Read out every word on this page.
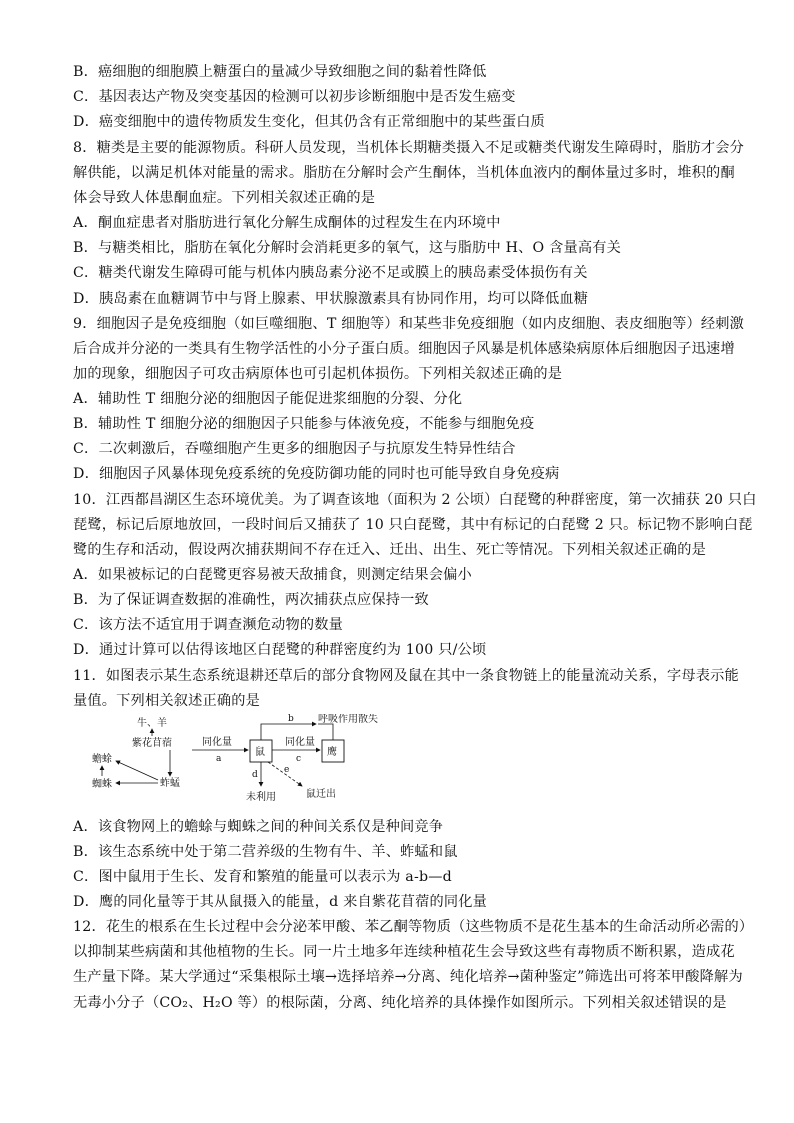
B．癌细胞的细胞膜上糖蛋白的量减少导致细胞之间的黏着性降低
C．基因表达产物及突变基因的检测可以初步诊断细胞中是否发生癌变
D．癌变细胞中的遗传物质发生变化，但其仍含有正常细胞中的某些蛋白质
8．糖类是主要的能源物质。科研人员发现，当机体长期糖类摄入不足或糖类代谢发生障碍时，脂肪才会分
解供能，以满足机体对能量的需求。脂肪在分解时会产生酮体，当机体血液内的酮体量过多时，堆积的酮
体会导致人体患酮血症。下列相关叙述正确的是
A．酮血症患者对脂肪进行氧化分解生成酮体的过程发生在内环境中
B．与糖类相比，脂肪在氧化分解时会消耗更多的氧气，这与脂肪中 H、O 含量高有关
C．糖类代谢发生障碍可能与机体内胰岛素分泌不足或膜上的胰岛素受体损伤有关
D．胰岛素在血糖调节中与肾上腺素、甲状腺激素具有协同作用，均可以降低血糖
9．细胞因子是免疫细胞（如巨噬细胞、T 细胞等）和某些非免疫细胞（如内皮细胞、表皮细胞等）经刺激
后合成并分泌的一类具有生物学活性的小分子蛋白质。细胞因子风暴是机体感染病原体后细胞因子迅速增
加的现象，细胞因子可攻击病原体也可引起机体损伤。下列相关叙述正确的是
A．辅助性 T 细胞分泌的细胞因子能促进浆细胞的分裂、分化
B．辅助性 T 细胞分泌的细胞因子只能参与体液免疫，不能参与细胞免疫
C．二次刺激后，吞噬细胞产生更多的细胞因子与抗原发生特异性结合
D．细胞因子风暴体现免疫系统的免疫防御功能的同时也可能导致自身免疫病
10．江西都昌湖区生态环境优美。为了调查该地（面积为 2 公顷）白琵鹭的种群密度，第一次捕获 20 只白
琵鹭，标记后原地放回，一段时间后又捕获了 10 只白琵鹭，其中有标记的白琵鹭 2 只。标记物不影响白琵
鹭的生存和活动，假设两次捕获期间不存在迁入、迁出、出生、死亡等情况。下列相关叙述正确的是
A．如果被标记的白琵鹭更容易被天敌捕食，则测定结果会偏小
B．为了保证调查数据的准确性，两次捕获点应保持一致
C．该方法不适宜用于调查濒危动物的数量
D．通过计算可以估得该地区白琵鹭的种群密度约为 100 只/公顷
11．如图表示某生态系统退耕还草后的部分食物网及鼠在其中一条食物链上的能量流动关系，字母表示能
量值。下列相关叙述正确的是
牛、羊
紫花苜蓿
蟾蜍
蜘蛛	蚱蜢
同化量
a
鼠
同化量
c
鹰
b 呼吸作用散失
d
未利用
e
鼠迁出
A．该食物网上的蟾蜍与蜘蛛之间的种间关系仅是种间竞争
B．该生态系统中处于第二营养级的生物有牛、羊、蚱蜢和鼠
C．图中鼠用于生长、发育和繁殖的能量可以表示为 a-b—d
D．鹰的同化量等于其从鼠摄入的能量，d 来自紫花苜蓿的同化量
12．花生的根系在生长过程中会分泌苯甲酸、苯乙酮等物质（这些物质不是花生基本的生命活动所必需的）
以抑制某些病菌和其他植物的生长。同一片土地多年连续种植花生会导致这些有毒物质不断积累，造成花
生产量下降。某大学通过“采集根际土壤→选择培养→分离、纯化培养→菌种鉴定”筛选出可将苯甲酸降解为
无毒小分子（CO₂、H₂O 等）的根际菌，分离、纯化培养的具体操作如图所示。下列相关叙述错误的是
